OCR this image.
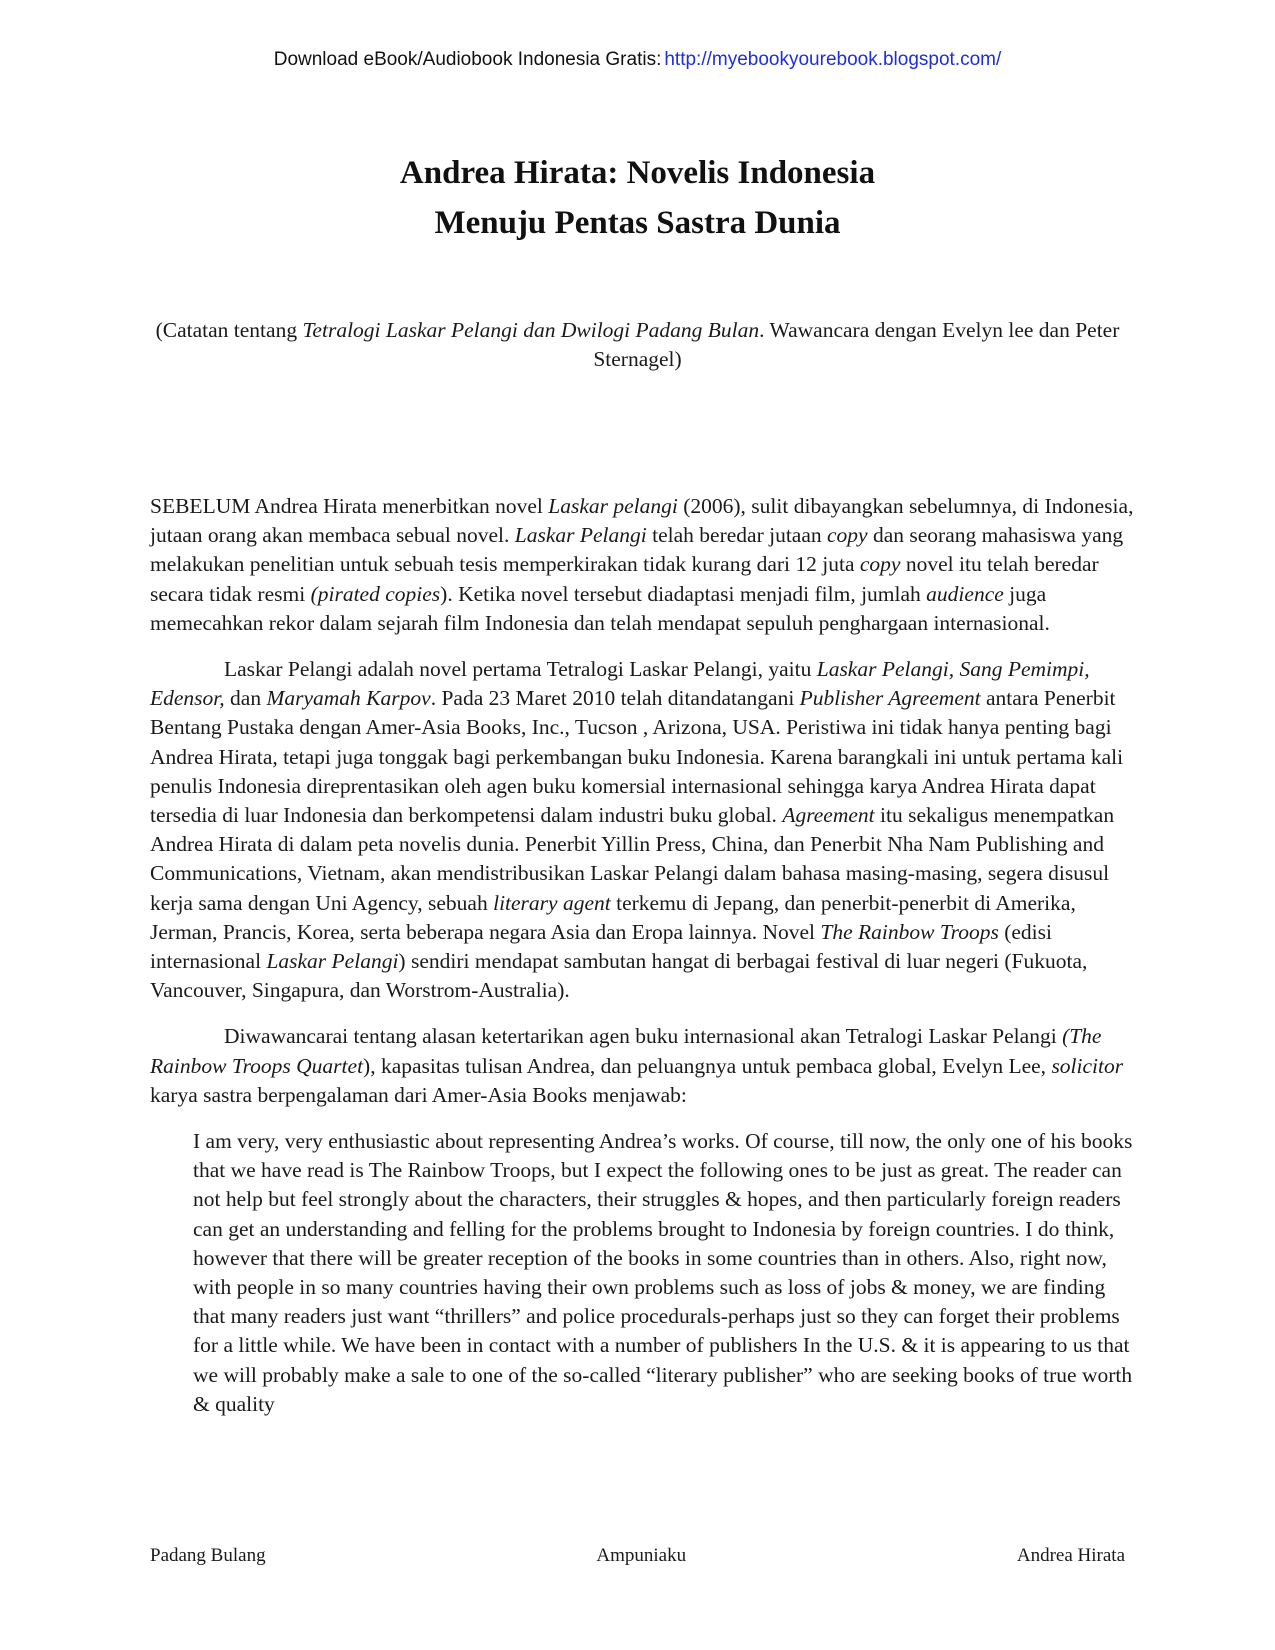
Download eBook/Audiobook Indonesia Gratis: http://myebookyourebook.blogspot.com/
Andrea Hirata: Novelis Indonesia
Menuju Pentas Sastra Dunia
(Catatan tentang Tetralogi Laskar Pelangi dan Dwilogi Padang Bulan. Wawancara dengan Evelyn lee dan Peter Sternagel)

SEBELUM Andrea Hirata menerbitkan novel Laskar pelangi (2006), sulit dibayangkan sebelumnya, di Indonesia, jutaan orang akan membaca sebual novel. Laskar Pelangi telah beredar jutaan copy dan seorang mahasiswa yang melakukan penelitian untuk sebuah tesis memperkirakan tidak kurang dari 12 juta copy novel itu telah beredar secara tidak resmi (pirated copies). Ketika novel tersebut diadaptasi menjadi film, jumlah audience juga memecahkan rekor dalam sejarah film Indonesia dan telah mendapat sepuluh penghargaan internasional.

Laskar Pelangi adalah novel pertama Tetralogi Laskar Pelangi, yaitu Laskar Pelangi, Sang Pemimpi, Edensor, dan Maryamah Karpov. Pada 23 Maret 2010 telah ditandatangani Publisher Agreement antara Penerbit Bentang Pustaka dengan Amer-Asia Books, Inc., Tucson , Arizona, USA. Peristiwa ini tidak hanya penting bagi Andrea Hirata, tetapi juga tonggak bagi perkembangan buku Indonesia. Karena barangkali ini untuk pertama kali penulis Indonesia direprentasikan oleh agen buku komersial internasional sehingga karya Andrea Hirata dapat tersedia di luar Indonesia dan berkompetensi dalam industri buku global. Agreement itu sekaligus menempatkan Andrea Hirata di dalam peta novelis dunia. Penerbit Yillin Press, China, dan Penerbit Nha Nam Publishing and Communications, Vietnam, akan mendistribusikan Laskar Pelangi dalam bahasa masing-masing, segera disusul kerja sama dengan Uni Agency, sebuah literary agent terkemu di Jepang, dan penerbit-penerbit di Amerika, Jerman, Prancis, Korea, serta beberapa negara Asia dan Eropa lainnya. Novel The Rainbow Troops (edisi internasional Laskar Pelangi) sendiri mendapat sambutan hangat di berbagai festival di luar negeri (Fukuota, Vancouver, Singapura, dan Worstrom-Australia).

Diwawancarai tentang alasan ketertarikan agen buku internasional akan Tetralogi Laskar Pelangi (The Rainbow Troops Quartet), kapasitas tulisan Andrea, dan peluangnya untuk pembaca global, Evelyn Lee, solicitor karya sastra berpengalaman dari Amer-Asia Books menjawab:

I am very, very enthusiastic about representing Andrea’s works. Of course, till now, the only one of his books that we have read is The Rainbow Troops, but I expect the following ones to be just as great. The reader can not help but feel strongly about the characters, their struggles & hopes, and then particularly foreign readers can get an understanding and felling for the problems brought to Indonesia by foreign countries. I do think, however that there will be greater reception of the books in some countries than in others. Also, right now, with people in so many countries having their own problems such as loss of jobs & money, we are finding that many readers just want “thrillers” and police procedurals-perhaps just so they can forget their problems for a little while. We have been in contact with a number of publishers In the U.S. & it is appearing to us that we will probably make a sale to one of the so-called “literary publisher” who are seeking books of true worth & quality

Padang Bulang	Ampuniaku	Andrea Hirata
